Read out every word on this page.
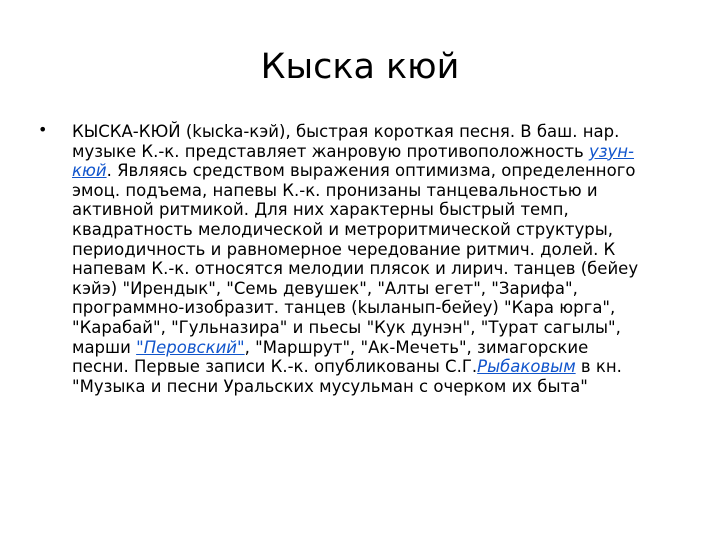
Кыска кюй
• КЫСКА-КЮЙ (kыcka-кэй), быстрая короткая песня. В баш. нар.
музыке К.-к. представляет жанровую противоположность узун-
кюй. Являясь средством выражения оптимизма, определенного
эмоц. подъема, напевы К.-к. пронизаны танцевальностью и
активной ритмикой. Для них характерны быстрый темп,
квадратность мелодической и метроритмической структуры,
периодичность и равномерное чередование ритмич. долей. К
напевам К.-к. относятся мелодии плясок и лирич. танцев (бейеу
кэйэ) "Ирендык", "Семь девушек", "Алты егет", "Зарифа",
программно-изобразит. танцев (kыланып-бейеу) "Кара юрга",
"Карабай", "Гульназира" и пьесы "Кук дунэн", "Турат сагылы",
марши "Перовский", "Маршрут", "Ак-Мечеть", зимагорские
песни. Первые записи К.-к. опубликованы С.Г.Рыбаковым в кн.
"Музыка и песни Уральских мусульман с очерком их быта"
